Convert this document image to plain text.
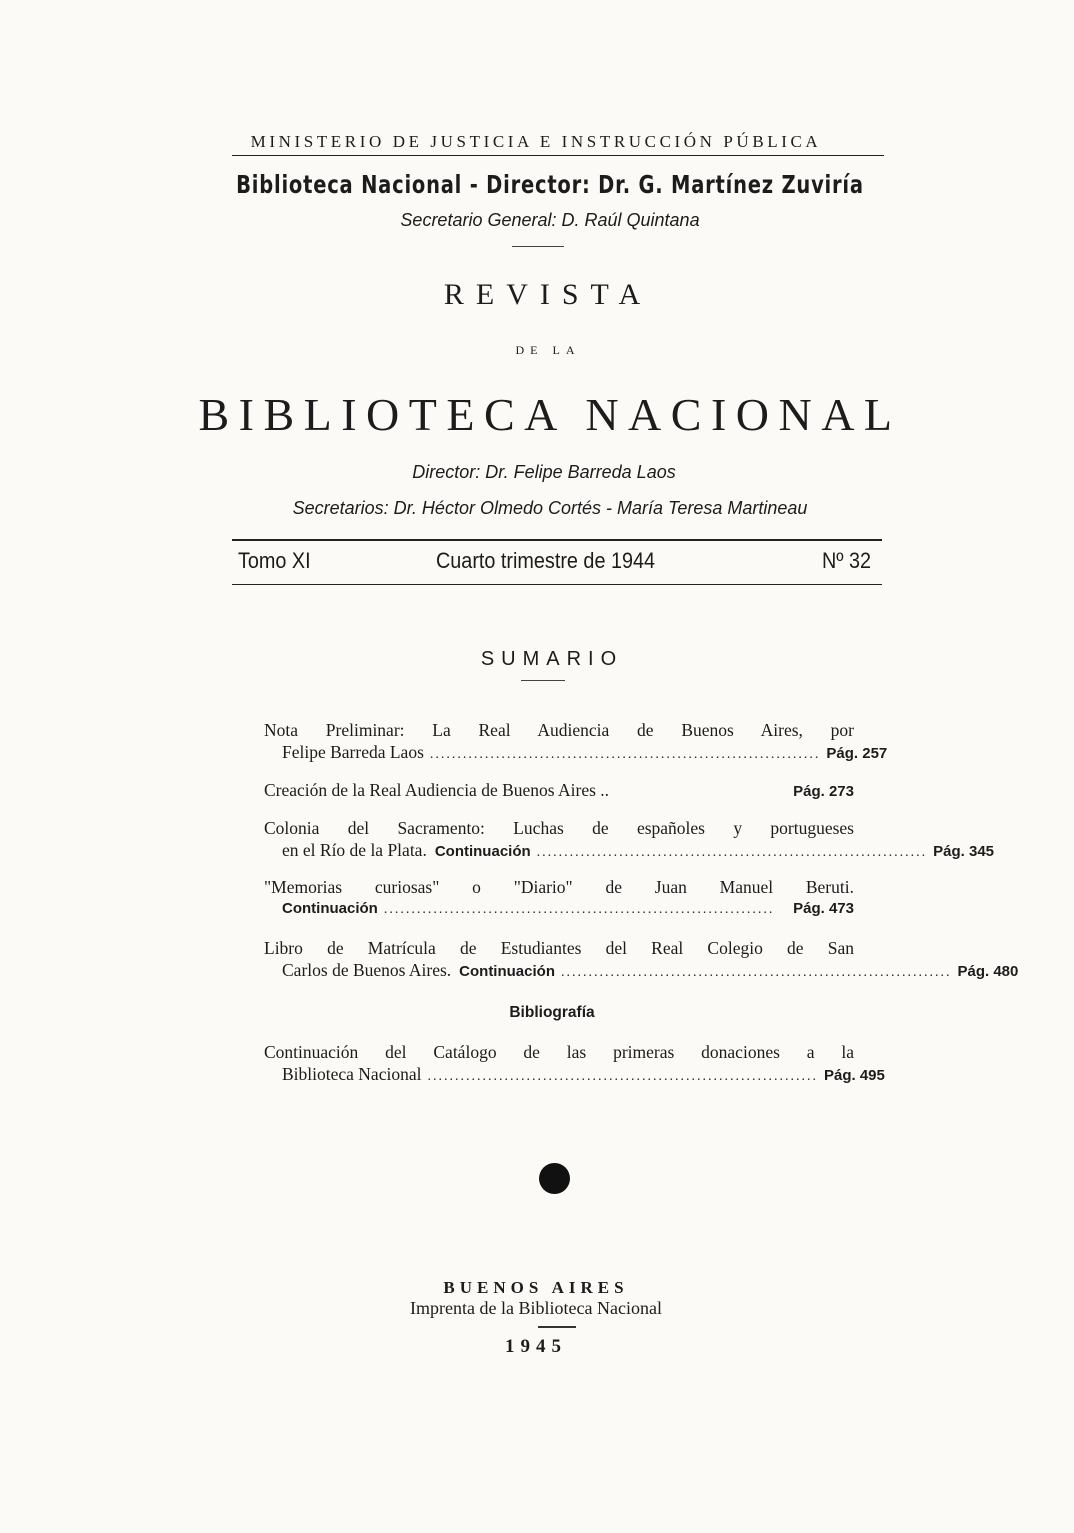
MINISTERIO DE JUSTICIA E INSTRUCCIÓN PÚBLICA
Biblioteca Nacional - Director: Dr. G. Martínez Zuviría
Secretario General: D. Raúl Quintana
REVISTA
DE LA
BIBLIOTECA NACIONAL
Director: Dr. Felipe Barreda Laos
Secretarios: Dr. Héctor Olmedo Cortés - María Teresa Martineau
Tomo XI	Cuarto trimestre de 1944	Nº 32
SUMARIO
Nota Preliminar: La Real Audiencia de Buenos Aires, por
Felipe Barreda Laos ....................................................................... Pág. 257
Creación de la Real Audiencia de Buenos Aires ..	Pág. 273
Colonia del Sacramento: Luchas de españoles y portugueses
en el Río de la Plata. Continuación ....................................................................... Pág. 345
"Memorias curiosas" o "Diario" de Juan Manuel Beruti.
Continuación .......................................................................	Pág. 473
Libro de Matrícula de Estudiantes del Real Colegio de San
Carlos de Buenos Aires. Continuación ....................................................................... Pág. 480
Bibliografía
Continuación del Catálogo de las primeras donaciones a la
Biblioteca Nacional ....................................................................... Pág. 495
BUENOS AIRES
Imprenta de la Biblioteca Nacional
1945
